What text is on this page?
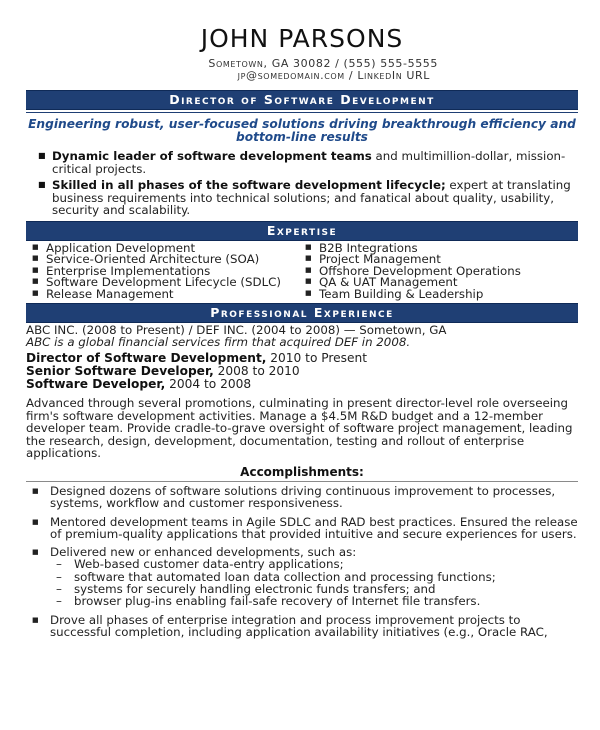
JOHN PARSONS
Sometown, GA 30082 / (555) 555-5555
jp@somedomain.com / LinkedIn URL
Director of Software Development
Engineering robust, user-focused solutions driving breakthrough efficiency and bottom-line results
■ Dynamic leader of software development teams and multimillion-dollar, mission-critical projects.
■ Skilled in all phases of the software development lifecycle; expert at translating business requirements into technical solutions; and fanatical about quality, usability, security and scalability.
Expertise
■ Application Development
■ Service-Oriented Architecture (SOA)
■ Enterprise Implementations
■ Software Development Lifecycle (SDLC)
■ Release Management
■ B2B Integrations
■ Project Management
■ Offshore Development Operations
■ QA & UAT Management
■ Team Building & Leadership
Professional Experience
ABC INC. (2008 to Present) / DEF INC. (2004 to 2008) — Sometown, GA
ABC is a global financial services firm that acquired DEF in 2008.
Director of Software Development, 2010 to Present
Senior Software Developer, 2008 to 2010
Software Developer, 2004 to 2008
Advanced through several promotions, culminating in present director-level role overseeing firm's software development activities. Manage a $4.5M R&D budget and a 12-member developer team. Provide cradle-to-grave oversight of software project management, leading the research, design, development, documentation, testing and rollout of enterprise applications.
Accomplishments:
■ Designed dozens of software solutions driving continuous improvement to processes, systems, workflow and customer responsiveness.
■ Mentored development teams in Agile SDLC and RAD best practices. Ensured the release of premium-quality applications that provided intuitive and secure experiences for users.
■ Delivered new or enhanced developments, such as:
– Web-based customer data-entry applications;
– software that automated loan data collection and processing functions;
– systems for securely handling electronic funds transfers; and
– browser plug-ins enabling fail-safe recovery of Internet file transfers.
■ Drove all phases of enterprise integration and process improvement projects to successful completion, including application availability initiatives (e.g., Oracle RAC,
